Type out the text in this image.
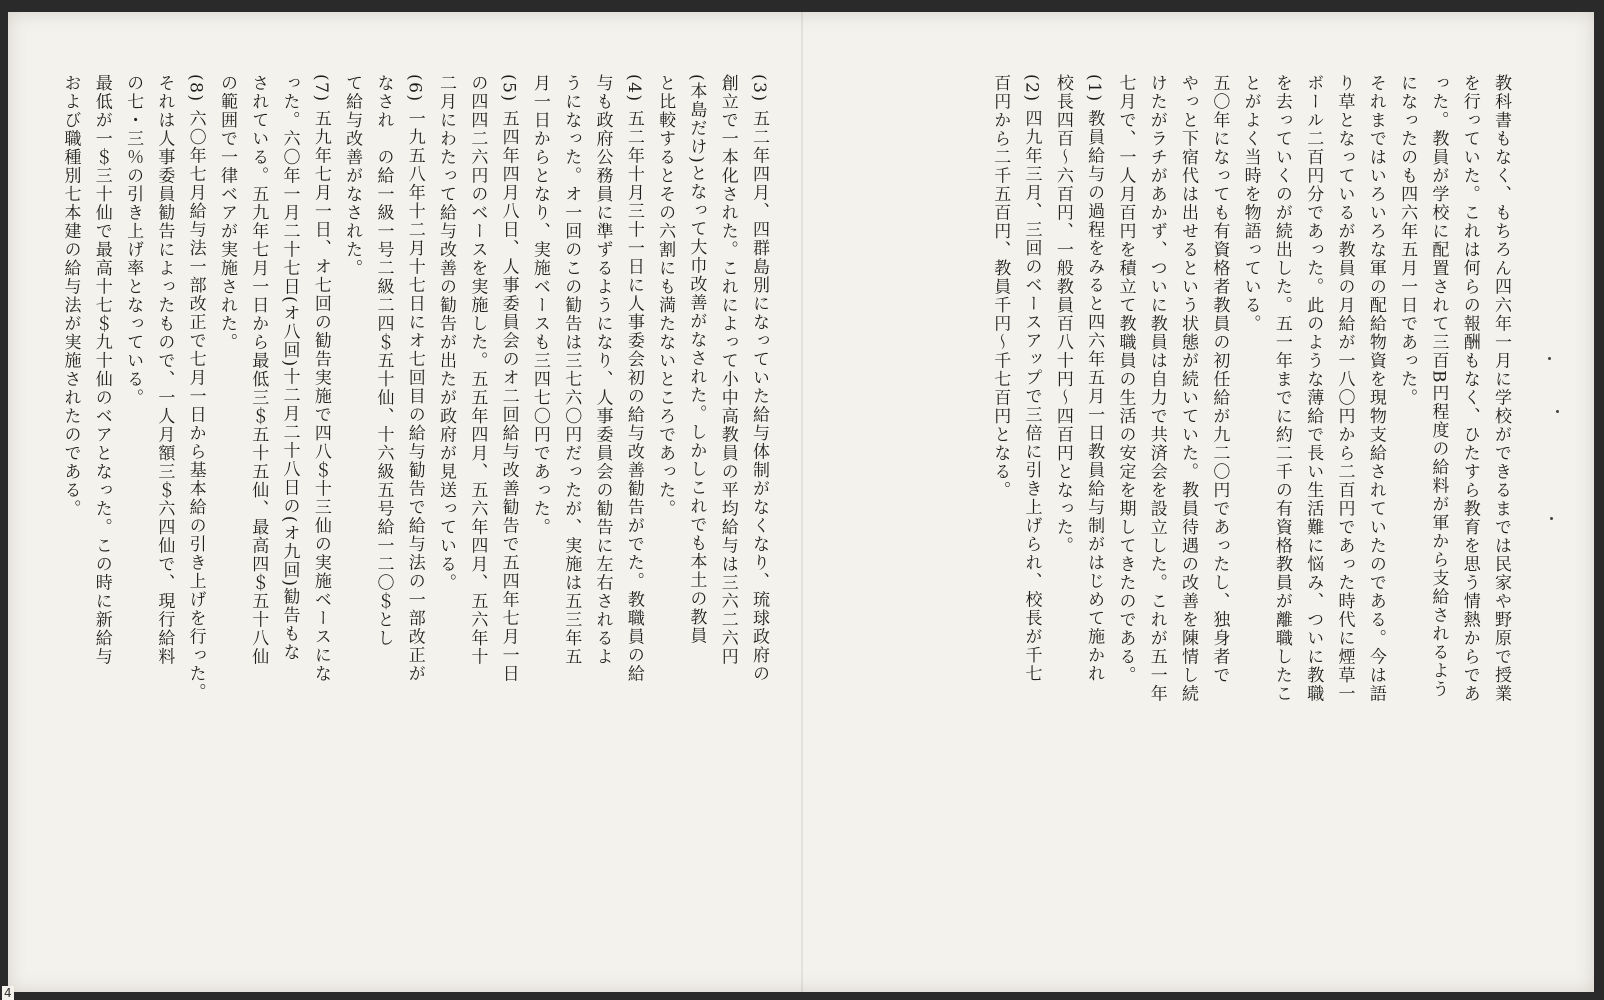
教科書もなく、もちろん四六年一月に学校ができるまでは民家や野原で授業
を行っていた。これは何らの報酬もなく、ひたすら教育を思う情熱からであ
った。教員が学校に配置されて三百B円程度の給料が軍から支給されるよう
になったのも四六年五月一日であった。
それまではいろいろな軍の配給物資を現物支給されていたのである。今は語
り草となっているが教員の月給が一八〇円から二百円であった時代に煙草一
ボール二百円分であった。此のような薄給で長い生活難に悩み、ついに教職
を去っていくのが続出した。五一年までに約二千の有資格教員が離職したこ
とがよく当時を物語っている。
五〇年になっても有資格者教員の初任給が九二〇円であったし、独身者で
やっと下宿代は出せるという状態が続いていた。教員待遇の改善を陳情し続
けたがラチがあかず、ついに教員は自力で共済会を設立した。これが五一年
七月で、一人月百円を積立て教職員の生活の安定を期してきたのである。
(1) 教員給与の過程をみると四六年五月一日教員給与制がはじめて施かれ
校長四百～六百円、一般教員百八十円～四百円となった。
(2) 四九年三月、三回のベースアップで三倍に引き上げられ、校長が千七
百円から二千五百円、教員千円～千七百円となる。
(3) 五二年四月、四群島別になっていた給与体制がなくなり、琉球政府の
創立で一本化された。これによって小中高教員の平均給与は三六二六円
(本島だけ)となって大巾改善がなされた。しかしこれでも本土の教員
と比較するとその六割にも満たないところであった。
(4) 五二年十月三十一日に人事委会初の給与改善勧告がでた。教職員の給
与も政府公務員に準ずるようになり、人事委員会の勧告に左右されるよ
うになった。オ一回のこの勧告は三七六〇円だったが、実施は五三年五
月一日からとなり、実施ベースも三四七〇円であった。
(5) 五四年四月八日、人事委員会のオ二回給与改善勧告で五四年七月一日
の四四二六円のベースを実施した。五五年四月、五六年四月、五六年十
二月にわたって給与改善の勧告が出たが政府が見送っている。
(6) 一九五八年十二月十七日にオ七回目の給与勧告で給与法の一部改正が
なされ　の給一級一号二級二四＄五十仙、十六級五号給一二〇＄とし
て給与改善がなされた。
(7) 五九年七月一日、オ七回の勧告実施で四八＄十三仙の実施ベースにな
った。六〇年一月二十七日(オ八回)十二月二十八日の(オ九回)勧告もな
されている。五九年七月一日から最低三＄五十五仙、最高四＄五十八仙
の範囲で一律ベアが実施された。
(8) 六〇年七月給与法一部改正で七月一日から基本給の引き上げを行った。
それは人事委員勧告によったもので、一人月額三＄六四仙で、現行給料
の七・三％の引き上げ率となっている。
最低が一＄三十仙で最高十七＄九十仙のベアとなった。この時に新給与
および職種別七本建の給与法が実施されたのである。
4
